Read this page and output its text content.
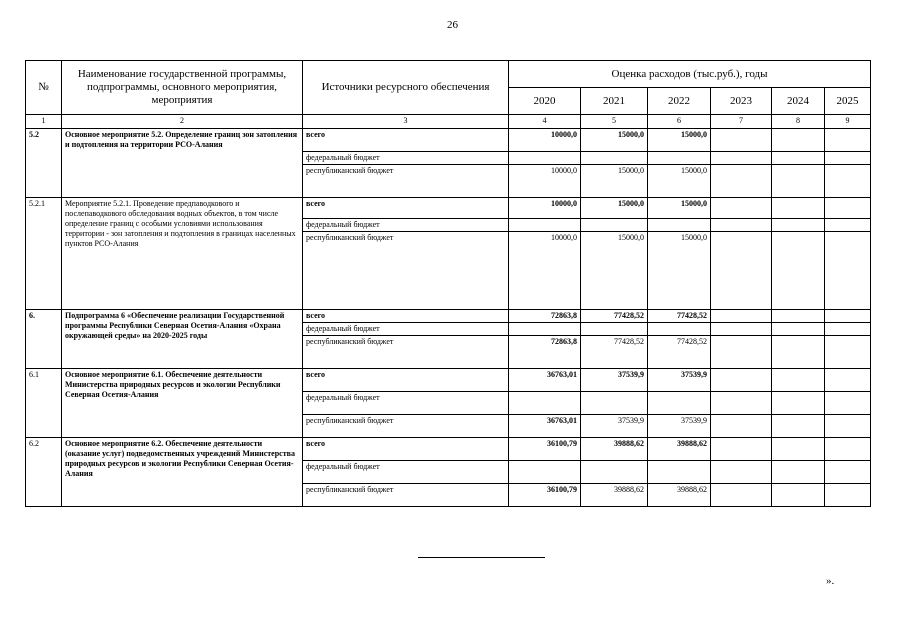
26
№	Наименование государственной программы, подпрограммы, основного мероприятия, мероприятия	Источники ресурсного обеспечения	Оценка расходов (тыс.руб.), годы					
			2020	2021	2022	2023	2024	2025
1	2	3	4	5	6	7	8	9
5.2	Основное мероприятие 5.2. Определение границ зон затопления и подтопления на территории РСО-Алания	всего	10000,0	15000,0	15000,0			
		федеральный бюджет						
		республиканский бюджет	10000,0	15000,0	15000,0			
5.2.1	Мероприятие 5.2.1. Проведение предпаводкового и послепаводкового обследования водных объектов, в том числе определение границ с особыми условиями использования территории - зон затопления и подтопления в границах населенных пунктов РСО-Алания	всего	10000,0	15000,0	15000,0			
		федеральный бюджет						
		республиканский бюджет	10000,0	15000,0	15000,0			
6.	Подпрограмма 6 «Обеспечение реализации Государственной программы Республики Северная Осетия-Алания «Охрана окружающей среды» на 2020-2025 годы	всего	72863,8	77428,52	77428,52			
		федеральный бюджет						
		республиканский бюджет	72863,8	77428,52	77428,52			
6.1	Основное мероприятие 6.1. Обеспечение деятельности Министерства природных ресурсов и экологии Республики Северная Осетия-Алания	всего	36763,01	37539,9	37539,9			
		федеральный бюджет						
		республиканский бюджет	36763,01	37539,9	37539,9			
6.2	Основное мероприятие 6.2. Обеспечение деятельности (оказание услуг) подведомственных учреждений Министерства природных ресурсов и экологии Республики Северная Осетия-Алания	всего	36100,79	39888,62	39888,62			
		федеральный бюджет						
		республиканский бюджет	36100,79	39888,62	39888,62			
».
